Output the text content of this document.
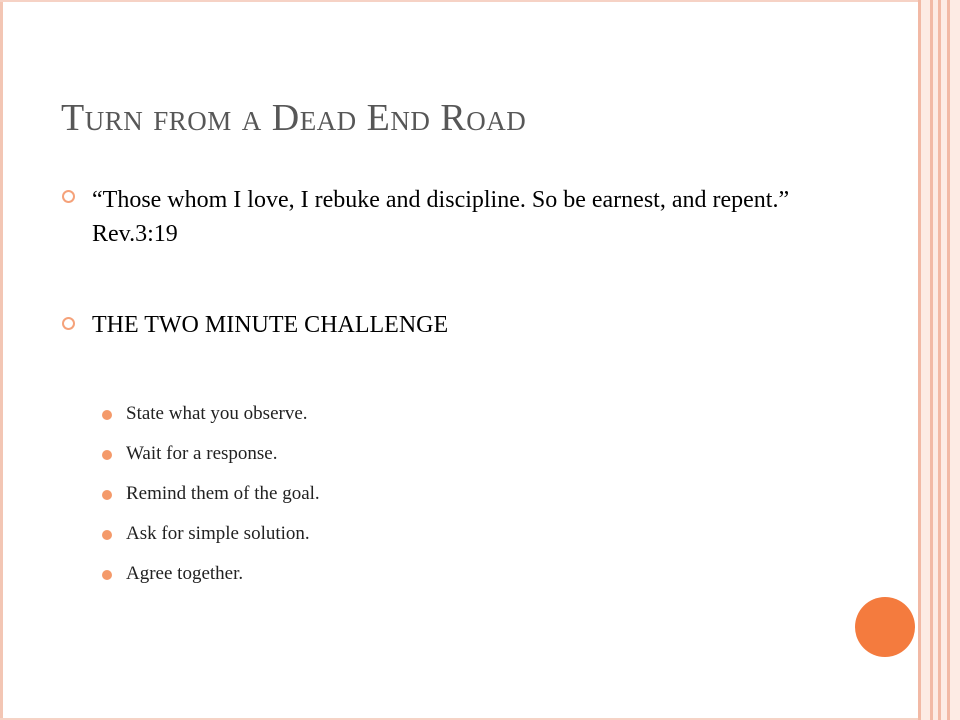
Turn from a Dead End Road
“Those whom I love, I rebuke and discipline. So be earnest, and repent.” Rev.3:19
THE TWO MINUTE CHALLENGE
State what you observe.
Wait for a response.
Remind them of the goal.
Ask for simple solution.
Agree together.
